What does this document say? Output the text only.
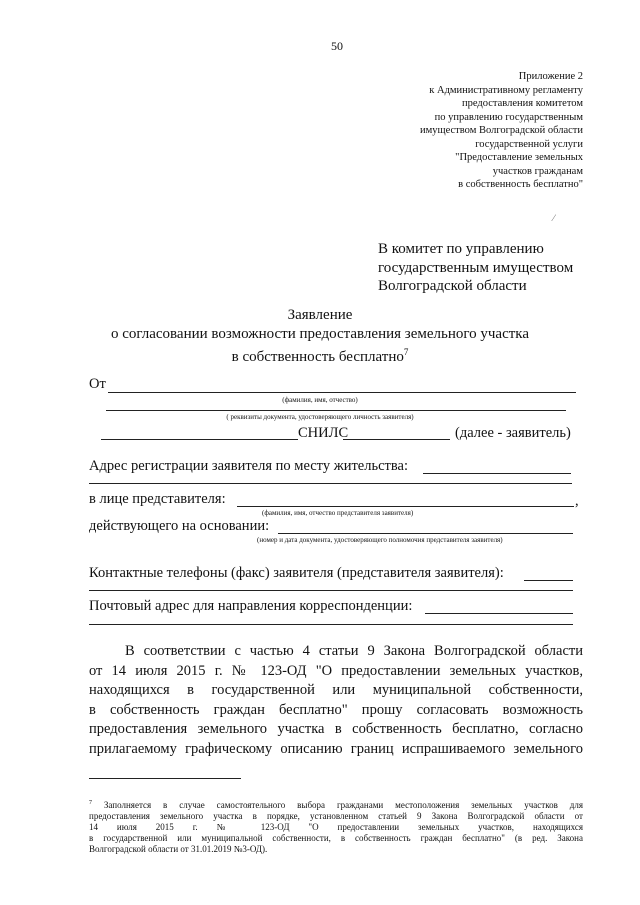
50
Приложение 2
к Административному регламенту
предоставления комитетом
по управлению государственным
имуществом Волгоградской области
государственной услуги
"Предоставление земельных
участков гражданам
в собственность бесплатно"
⁄
В комитет по управлению
государственным имуществом
Волгоградской области
Заявление
о согласовании возможности предоставления земельного участка
в собственность бесплатно$^7$
От
(фамилия, имя, отчество)
( реквизиты документа, удостоверяющего личность заявителя)
СНИЛС	(далее - заявитель)
Адрес регистрации заявителя по месту жительства:
в лице представителя:	,
(фамилия, имя, отчество представителя заявителя)
действующего на основании:
(номер и дата документа, удостоверяющего полномочия представителя заявителя)
Контактные телефоны (факс) заявителя (представителя заявителя):
Почтовый адрес для направления корреспонденции:
В соответствии с частью 4 статьи 9 Закона Волгоградской области
от 14 июля 2015 г. № 123-ОД "О предоставлении земельных участков,
находящихся в государственной или муниципальной собственности,
в собственность граждан бесплатно" прошу согласовать возможность
предоставления земельного участка в собственность бесплатно, согласно
прилагаемому графическому описанию границ испрашиваемого земельного
$^7$ Заполняется в случае самостоятельного выбора гражданами местоположения земельных участков для
предоставления земельного участка в порядке, установленном статьей 9 Закона Волгоградской области от
14 июля 2015 г. № 123-ОД "О предоставлении земельных участков, находящихся
в государственной или муниципальной собственности, в собственность граждан бесплатно" (в ред. Закона
Волгоградской области от 31.01.2019 №3-ОД).
